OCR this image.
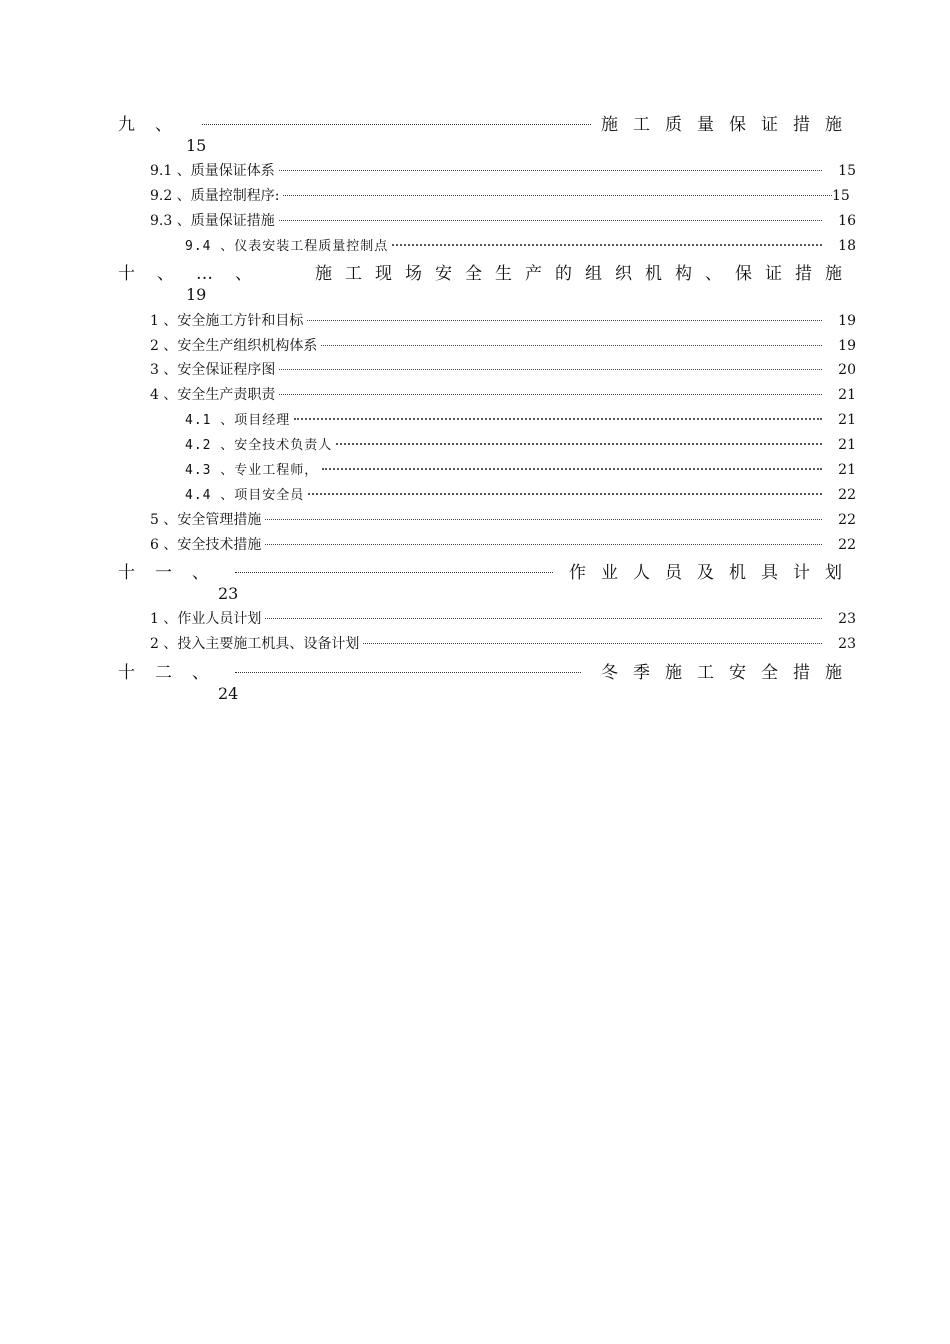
九 、	施 工 质 量 保 证 措 施
15
9.1 、质量保证体系	15
9.2 、质量控制程序:	15
9.3 、质量保证措施	16
9.4 、仪表安装工程质量控制点	18
十 、 … 、	施 工 现 场 安 全 生 产 的 组 织 机 构 、 保 证 措 施
19
1 、安全施工方针和目标	19
2 、安全生产组织机构体系	19
3 、安全保证程序图	20
4 、安全生产责职责	21
4.1 、项目经理	21
4.2 、安全技术负责人	21
4.3 、专业工程师，	21
4.4 、项目安全员	22
5 、安全管理措施	22
6 、安全技术措施	22
十 一 、	作 业 人 员 及 机 具 计 划
23
1 、作业人员计划	23
2 、投入主要施工机具、设备计划	23
十 二 、	冬 季 施 工 安 全 措 施
24
